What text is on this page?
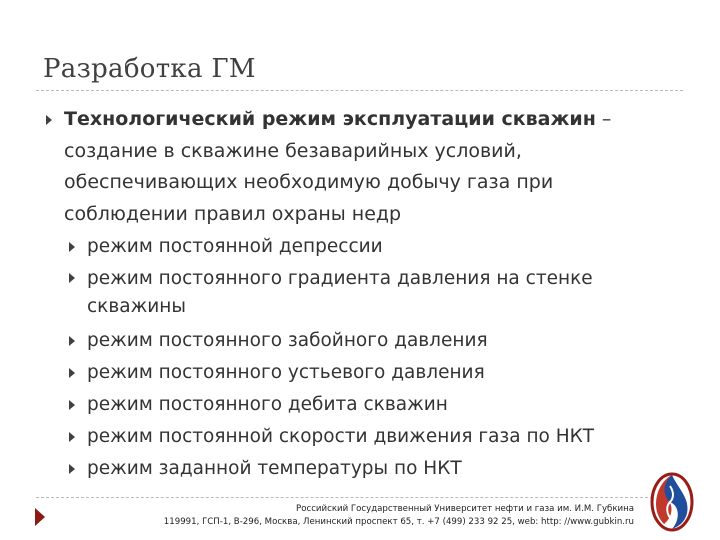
Разработка ГМ
Технологический режим эксплуатации скважин – создание в скважине безаварийных условий, обеспечивающих необходимую добычу газа при соблюдении правил охраны недр
режим постоянной депрессии
режим постоянного градиента давления на стенке скважины
режим постоянного забойного давления
режим постоянного устьевого давления
режим постоянного дебита скважин
режим постоянной скорости движения газа по НКТ
режим заданной температуры по НКТ
Российский Государственный Университет нефти и газа им. И.М. Губкина
119991, ГСП-1, В-296, Москва, Ленинский проспект 65, т. +7 (499) 233 92 25, web: http: //www.gubkin.ru
